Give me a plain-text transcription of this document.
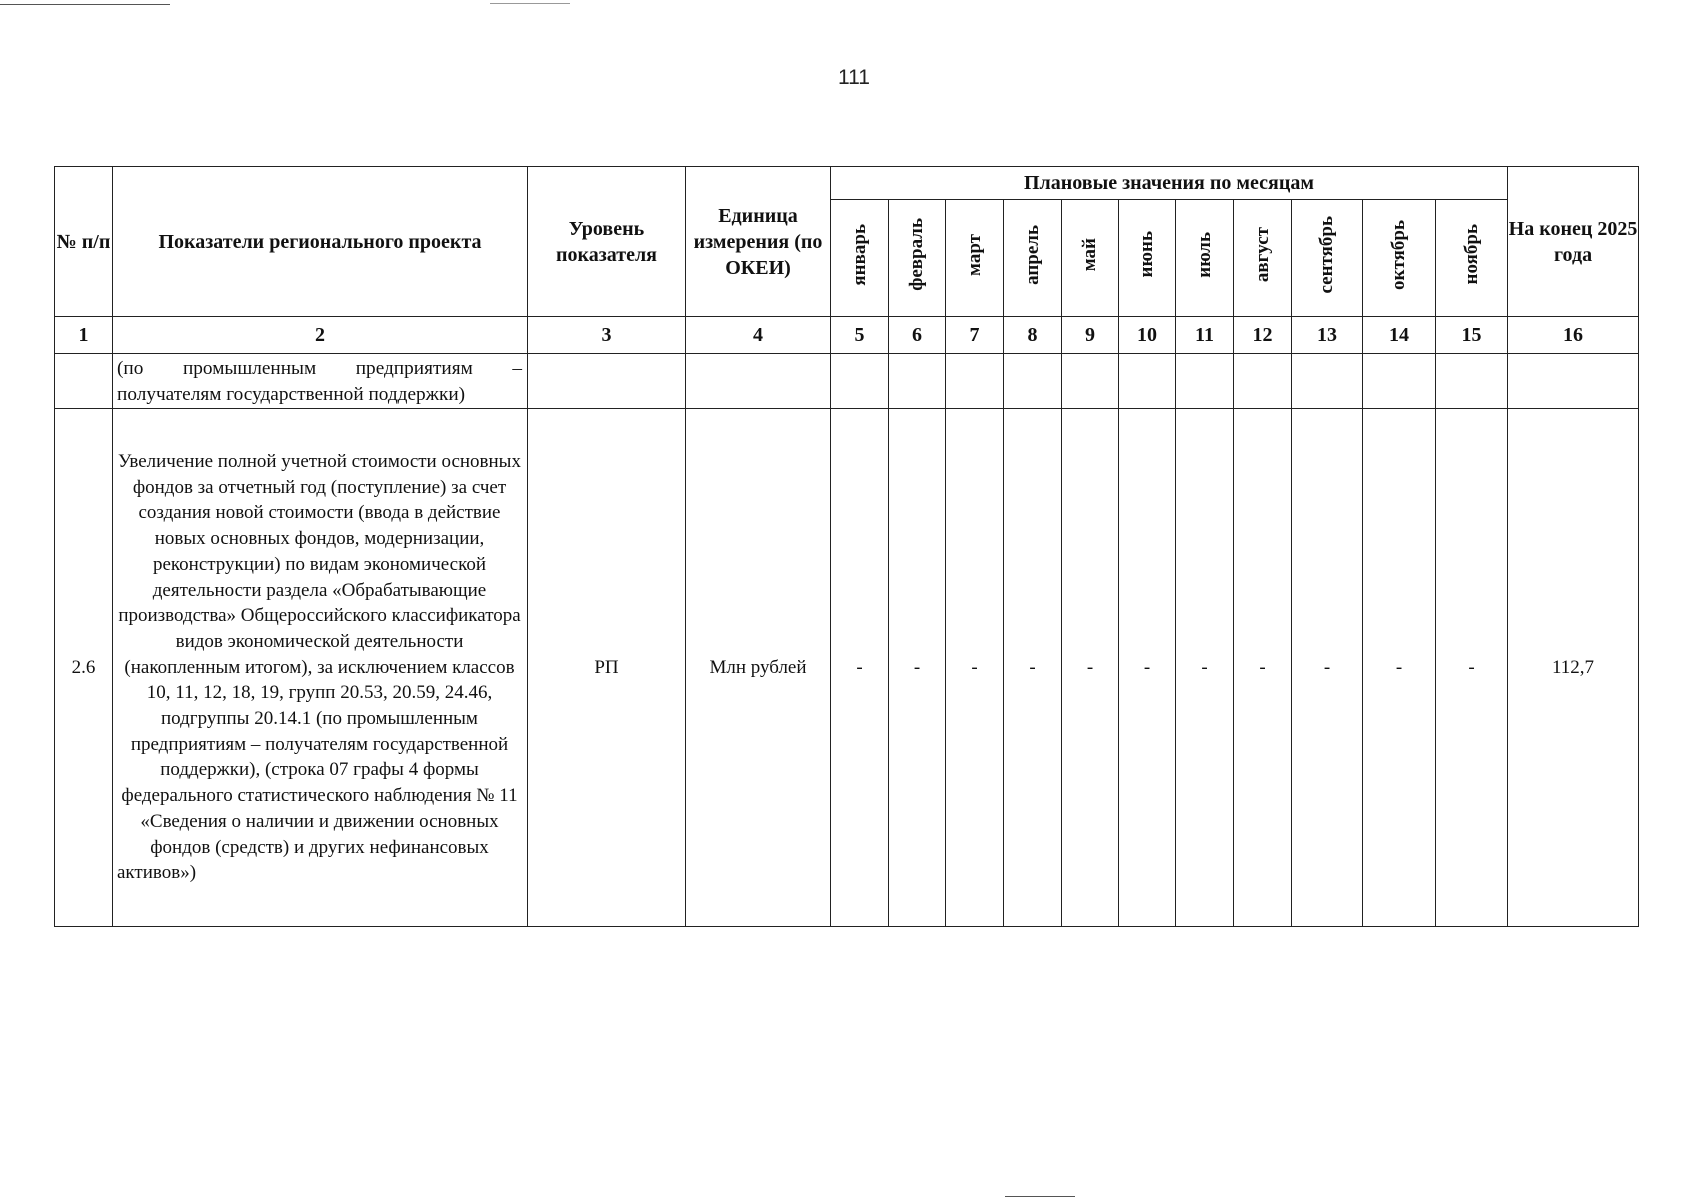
111
№ п/п	Показатели регионального проекта	Уровень показателя	Единица измерения (по ОКЕИ)	Плановые значения по месяцам											На конец 2025 года
				январь	февраль	март	апрель	май	июнь	июль	август	сентябрь	октябрь	ноябрь	
1	2	3	4	5	6	7	8	9	10	11	12	13	14	15	16
	(по промышленным предприятиям – получателям государственной поддержки)														
2.6	Увеличение полной учетной стоимости основных фондов за отчетный год (поступление) за счет создания новой стоимости (ввода в действие новых основных фондов, модернизации, реконструкции) по видам экономической деятельности раздела «Обрабатывающие производства» Общероссийского классификатора видов экономической деятельности (накопленным итогом), за исключением классов 10, 11, 12, 18, 19, групп 20.53, 20.59, 24.46, подгруппы 20.14.1 (по промышленным предприятиям – получателям государственной поддержки), (строка 07 графы 4 формы федерального статистического наблюдения № 11 «Сведения о наличии и движении основных фондов (средств) и других нефинансовых активов»)	РП	Млн рублей	-	-	-	-	-	-	-	-	-	-	-	112,7
